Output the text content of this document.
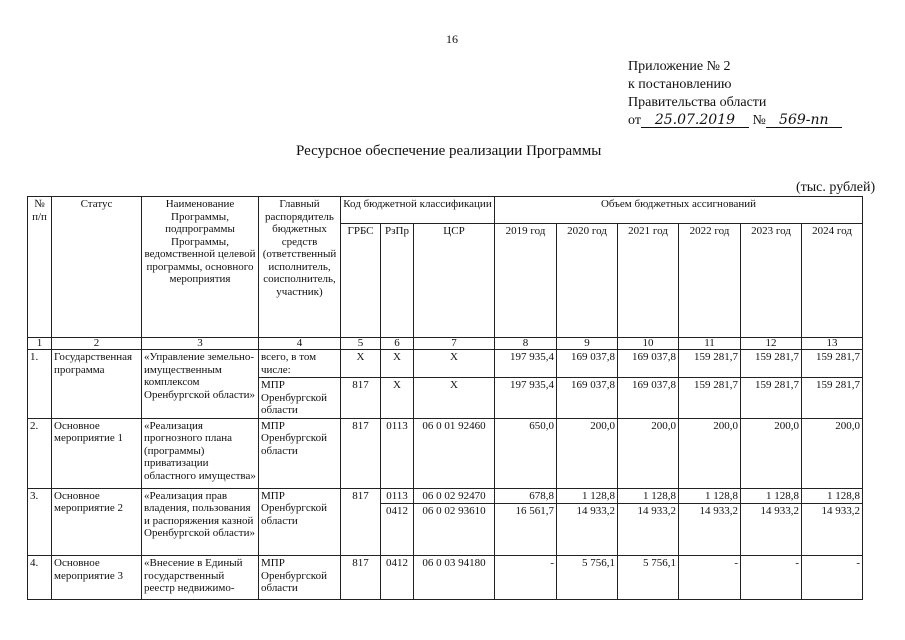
16
Приложение № 2
к постановлению
Правительства области
от 25.07.2019 № 569-пп
Ресурсное обеспечение реализации Программы
(тыс. рублей)
№ п/п	Статус	Наименование Программы, подпрограммы Программы, ведомственной целевой программы, основного мероприятия	Главный распорядитель бюджетных средств (ответственный исполнитель, соисполнитель, участник)	Код бюджетной классификации			Объем бюджетных ассигнований					
				ГРБС	РзПр	ЦСР	2019 год	2020 год	2021 год	2022 год	2023 год	2024 год
1	2	3	4	5	6	7	8	9	10	11	12	13
1.	Государственная программа	«Управление земельно-имущественным комплексом Оренбургской области»	всего, в том числе:	Х	Х	Х	197 935,4	169 037,8	169 037,8	159 281,7	159 281,7	159 281,7
			МПР Оренбургской области	817	Х	Х	197 935,4	169 037,8	169 037,8	159 281,7	159 281,7	159 281,7
2.	Основное мероприятие 1	«Реализация прогнозного плана (программы) приватизации областного имущества»	МПР Оренбургской области	817	0113	06 0 01 92460	650,0	200,0	200,0	200,0	200,0	200,0
3.	Основное мероприятие 2	«Реализация прав владения, пользования и распоряжения казной Оренбургской области»	МПР Оренбургской области	817	0113	06 0 02 92470	678,8	1 128,8	1 128,8	1 128,8	1 128,8	1 128,8
					0412	06 0 02 93610	16 561,7	14 933,2	14 933,2	14 933,2	14 933,2	14 933,2
4.	Основное мероприятие 3	«Внесение в Единый государственный реестр недвижимо-	МПР Оренбургской области	817	0412	06 0 03 94180	-	5 756,1	5 756,1	-	-	-
